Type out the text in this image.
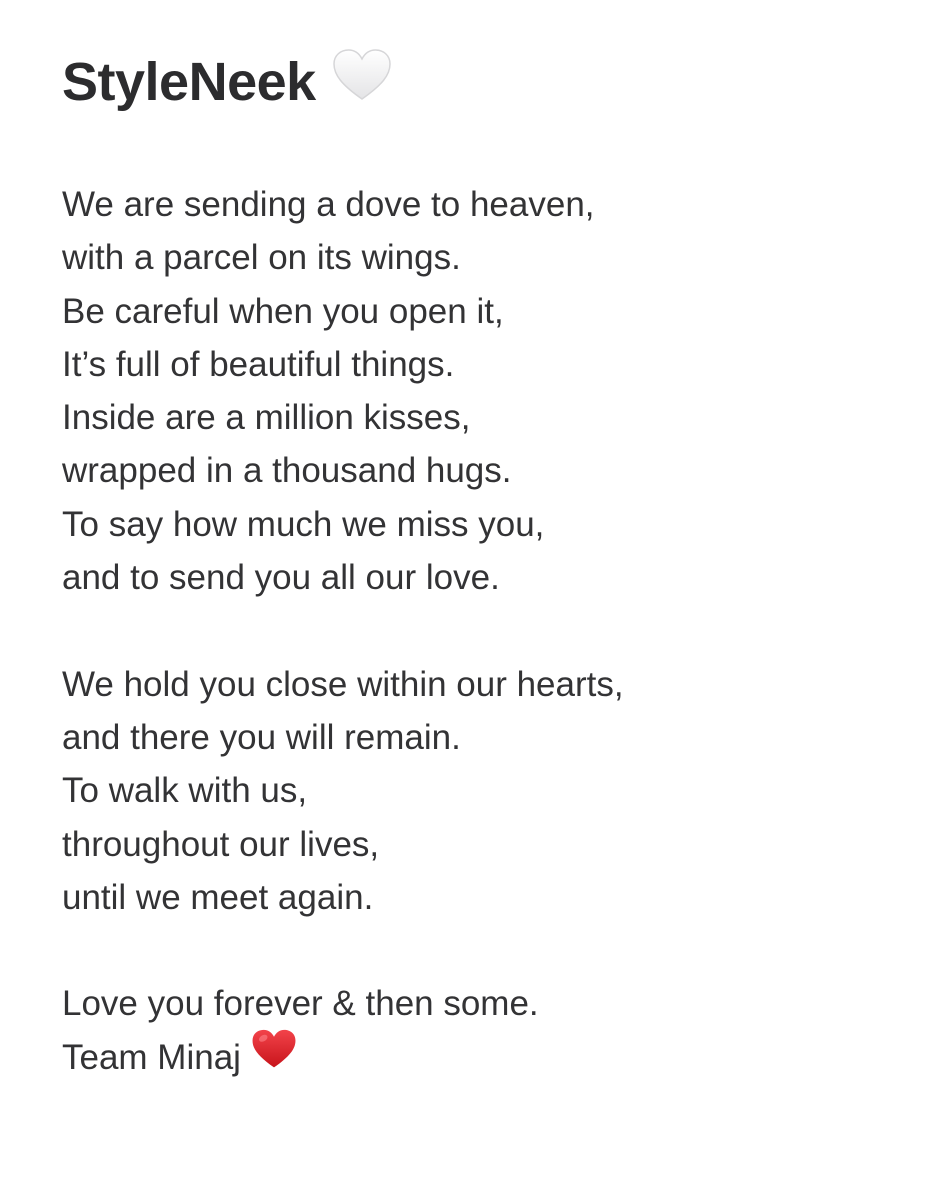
StyleNeek
We are sending a dove to heaven,
with a parcel on its wings.
Be careful when you open it,
It’s full of beautiful things.
Inside are a million kisses,
wrapped in a thousand hugs.
To say how much we miss you,
and to send you all our love.
We hold you close within our hearts,
and there you will remain.
To walk with us,
throughout our lives,
until we meet again.
Love you forever & then some.
Team Minaj
